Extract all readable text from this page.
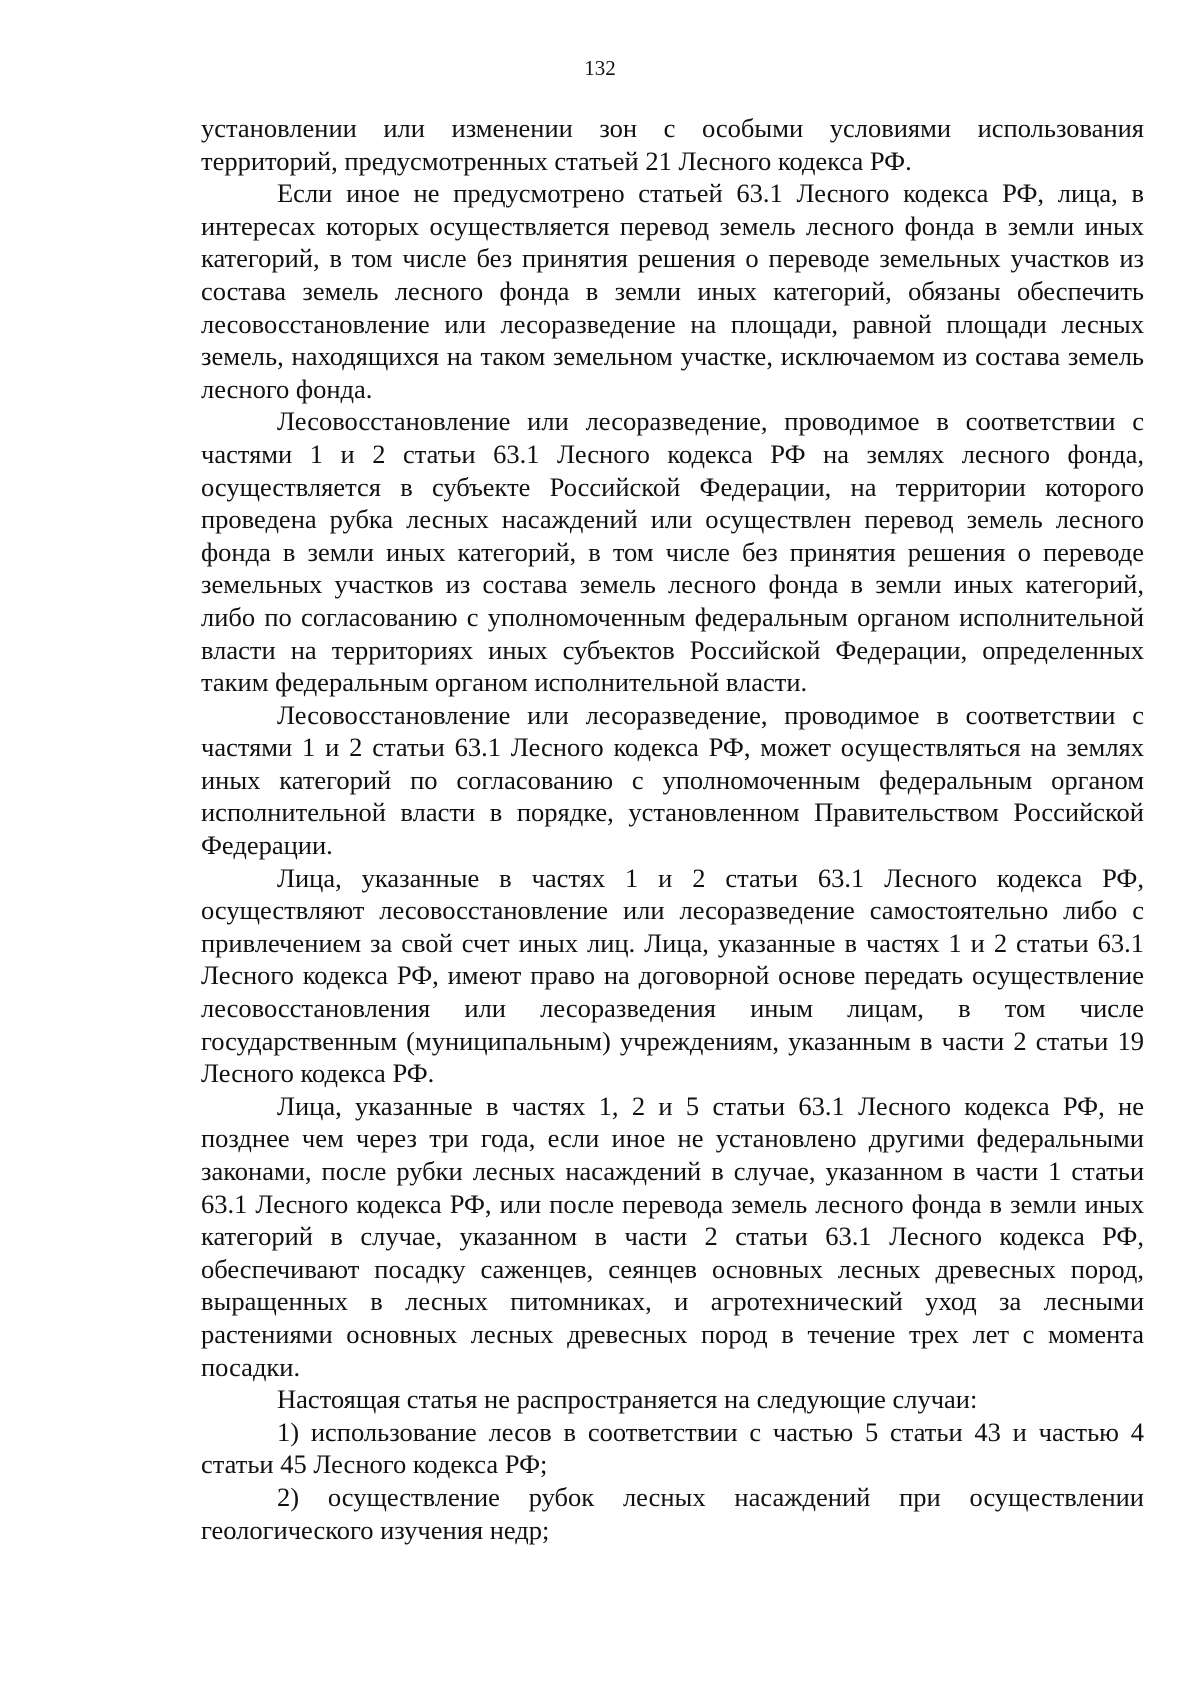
132

установлении или изменении зон с особыми условиями использования территорий, предусмотренных статьей 21 Лесного кодекса РФ.

Если иное не предусмотрено статьей 63.1 Лесного кодекса РФ, лица, в интересах которых осуществляется перевод земель лесного фонда в земли иных категорий, в том числе без принятия решения о переводе земельных участков из состава земель лесного фонда в земли иных категорий, обязаны обеспечить лесовосстановление или лесоразведение на площади, равной площади лесных земель, находящихся на таком земельном участке, исключаемом из состава земель лесного фонда.

Лесовосстановление или лесоразведение, проводимое в соответствии с частями 1 и 2 статьи 63.1 Лесного кодекса РФ на землях лесного фонда, осуществляется в субъекте Российской Федерации, на территории которого проведена рубка лесных насаждений или осуществлен перевод земель лесного фонда в земли иных категорий, в том числе без принятия решения о переводе земельных участков из состава земель лесного фонда в земли иных категорий, либо по согласованию с уполномоченным федеральным органом исполнительной власти на территориях иных субъектов Российской Федерации, определенных таким федеральным органом исполнительной власти.

Лесовосстановление или лесоразведение, проводимое в соответствии с частями 1 и 2 статьи 63.1 Лесного кодекса РФ, может осуществляться на землях иных категорий по согласованию с уполномоченным федеральным органом исполнительной власти в порядке, установленном Правительством Российской Федерации.

Лица, указанные в частях 1 и 2 статьи 63.1 Лесного кодекса РФ, осуществляют лесовосстановление или лесоразведение самостоятельно либо с привлечением за свой счет иных лиц. Лица, указанные в частях 1 и 2 статьи 63.1 Лесного кодекса РФ, имеют право на договорной основе передать осуществление лесовосстановления или лесоразведения иным лицам, в том числе государственным (муниципальным) учреждениям, указанным в части 2 статьи 19 Лесного кодекса РФ.

Лица, указанные в частях 1, 2 и 5 статьи 63.1 Лесного кодекса РФ, не позднее чем через три года, если иное не установлено другими федеральными законами, после рубки лесных насаждений в случае, указанном в части 1 статьи 63.1 Лесного кодекса РФ, или после перевода земель лесного фонда в земли иных категорий в случае, указанном в части 2 статьи 63.1 Лесного кодекса РФ, обеспечивают посадку саженцев, сеянцев основных лесных древесных пород, выращенных в лесных питомниках, и агротехнический уход за лесными растениями основных лесных древесных пород в течение трех лет с момента посадки.

Настоящая статья не распространяется на следующие случаи:

1) использование лесов в соответствии с частью 5 статьи 43 и частью 4 статьи 45 Лесного кодекса РФ;

2) осуществление рубок лесных насаждений при осуществлении геологического изучения недр;
